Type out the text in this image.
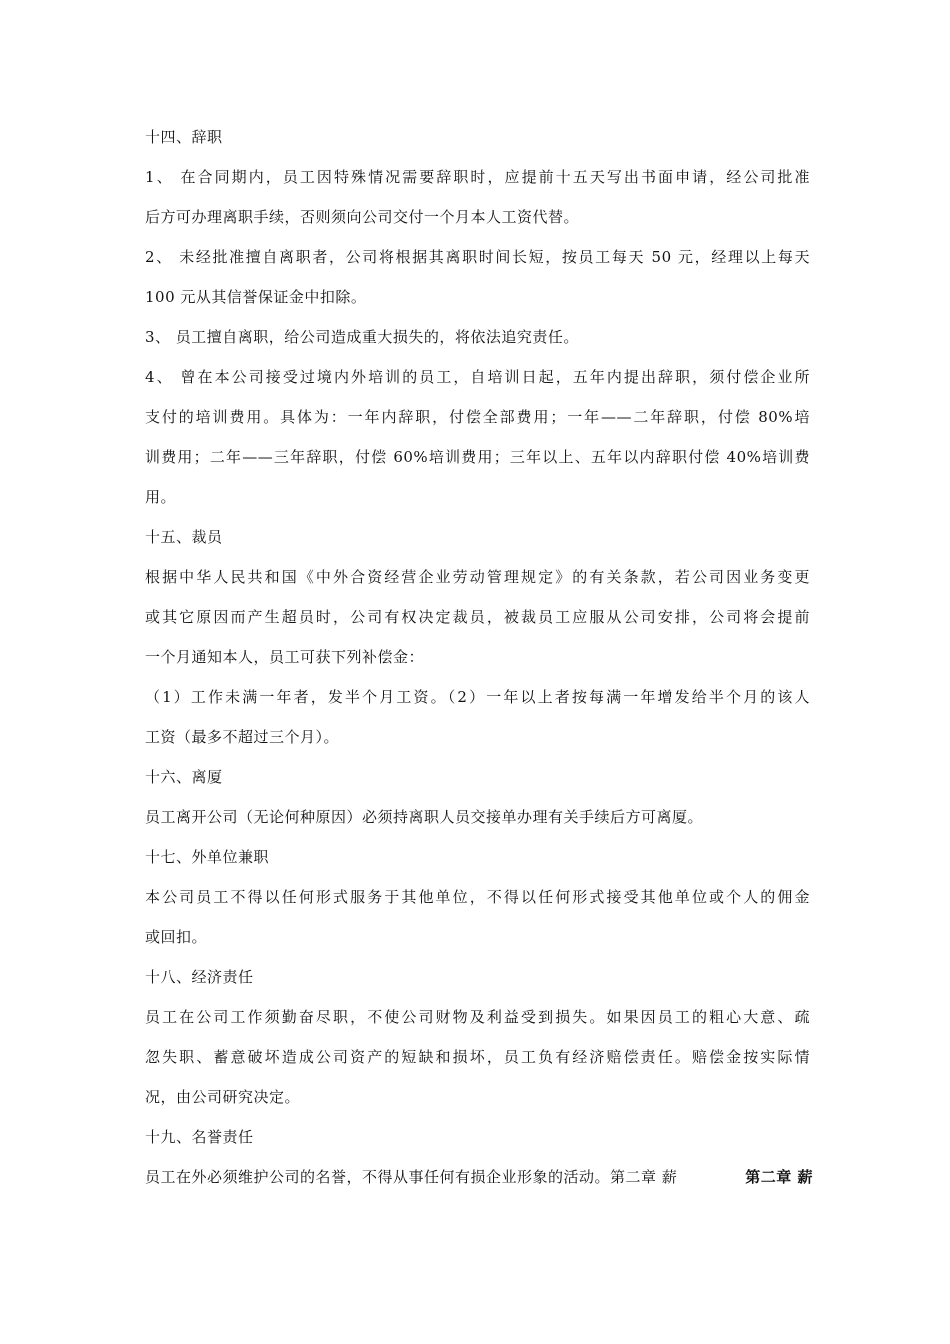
十四、辞职
1、 在合同期内，员工因特殊情况需要辞职时，应提前十五天写出书面申请，经公司批准
后方可办理离职手续，否则须向公司交付一个月本人工资代替。
2、 未经批准擅自离职者，公司将根据其离职时间长短，按员工每天 50 元，经理以上每天
100 元从其信誉保证金中扣除。
3、 员工擅自离职，给公司造成重大损失的，将依法追究责任。
4、 曾在本公司接受过境内外培训的员工，自培训日起，五年内提出辞职，须付偿企业所
支付的培训费用。具体为：一年内辞职，付偿全部费用；一年——二年辞职，付偿 80%培
训费用；二年——三年辞职，付偿 60%培训费用；三年以上、五年以内辞职付偿 40%培训费
用。
十五、裁员
根据中华人民共和国《中外合资经营企业劳动管理规定》的有关条款，若公司因业务变更
或其它原因而产生超员时，公司有权决定裁员，被裁员工应服从公司安排，公司将会提前
一个月通知本人，员工可获下列补偿金：
（1）工作未满一年者，发半个月工资。（2）一年以上者按每满一年增发给半个月的该人
工资（最多不超过三个月）。
十六、离厦
员工离开公司（无论何种原因）必须持离职人员交接单办理有关手续后方可离厦。
十七、外单位兼职
本公司员工不得以任何形式服务于其他单位，不得以任何形式接受其他单位或个人的佣金
或回扣。
十八、经济责任
员工在公司工作须勤奋尽职，不使公司财物及利益受到损失。如果因员工的粗心大意、疏
忽失职、蓄意破坏造成公司资产的短缺和损坏，员工负有经济赔偿责任。赔偿金按实际情
况，由公司研究决定。
十九、名誉责任
员工在外必须维护公司的名誉，不得从事任何有损企业形象的活动。第二章 薪	第二章 薪
